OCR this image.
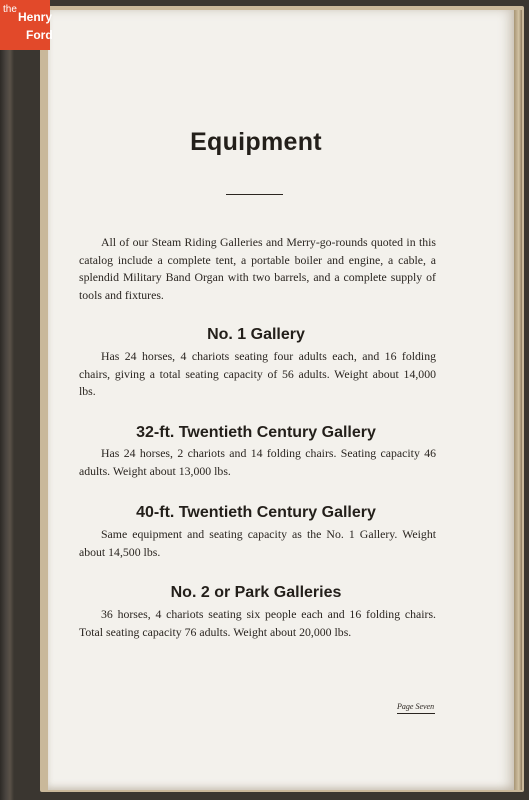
the
Henry
Ford
Equipment

All of our Steam Riding Galleries and Merry-go-rounds quoted in this catalog include a complete tent, a portable boiler and engine, a cable, a splendid Military Band Organ with two barrels, and a complete supply of tools and fixtures.

No. 1 Gallery

Has 24 horses, 4 chariots seating four adults each, and 16 folding chairs, giving a total seating capacity of 56 adults. Weight about 14,000 lbs.

32-ft. Twentieth Century Gallery

Has 24 horses, 2 chariots and 14 folding chairs. Seating capacity 46 adults. Weight about 13,000 lbs.

40-ft. Twentieth Century Gallery

Same equipment and seating capacity as the No. 1 Gallery. Weight about 14,500 lbs.

No. 2 or Park Galleries

36 horses, 4 chariots seating six people each and 16 folding chairs. Total seating capacity 76 adults. Weight about 20,000 lbs.

Page Seven
